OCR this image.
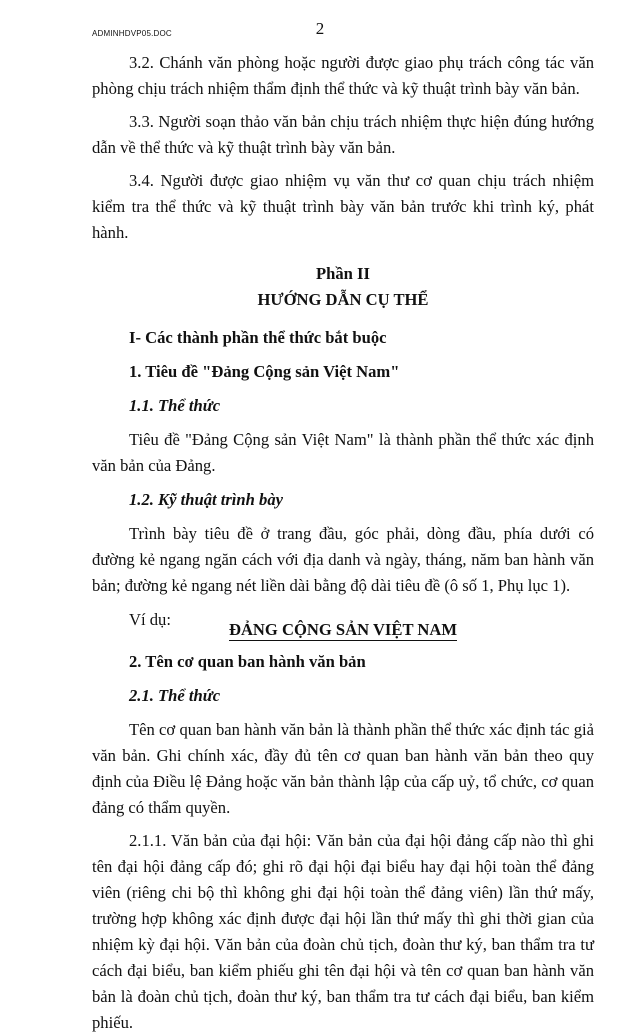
ADMINHDVP05.DOC	2

3.2. Chánh văn phòng hoặc người được giao phụ trách công tác văn phòng chịu trách nhiệm thẩm định thể thức và kỹ thuật trình bày văn bản.

3.3. Người soạn thảo văn bản chịu trách nhiệm thực hiện đúng hướng dẫn về thể thức và kỹ thuật trình bày văn bản.

3.4. Người được giao nhiệm vụ văn thư cơ quan chịu trách nhiệm kiểm tra thể thức và kỹ thuật trình bày văn bản trước khi trình ký, phát hành.

Phần II

HƯỚNG DẪN CỤ THỂ

I- Các thành phần thể thức bắt buộc

1. Tiêu đề "Đảng Cộng sản Việt Nam"

1.1. Thể thức

Tiêu đề "Đảng Cộng sản Việt Nam" là thành phần thể thức xác định văn bản của Đảng.

1.2. Kỹ thuật trình bày

Trình bày tiêu đề ở trang đầu, góc phải, dòng đầu, phía dưới có đường kẻ ngang ngăn cách với địa danh và ngày, tháng, năm ban hành văn bản; đường kẻ ngang nét liền dài bằng độ dài tiêu đề (ô số 1, Phụ lục 1).

Ví dụ:
ĐẢNG CỘNG SẢN VIỆT NAM

2. Tên cơ quan ban hành văn bản

2.1. Thể thức

Tên cơ quan ban hành văn bản là thành phần thể thức xác định tác giả văn bản. Ghi chính xác, đầy đủ tên cơ quan ban hành văn bản theo quy định của Điều lệ Đảng hoặc văn bản thành lập của cấp uỷ, tổ chức, cơ quan đảng có thẩm quyền.

2.1.1. Văn bản của đại hội: Văn bản của đại hội đảng cấp nào thì ghi tên đại hội đảng cấp đó; ghi rõ đại hội đại biểu hay đại hội toàn thể đảng viên (riêng chi bộ thì không ghi đại hội toàn thể đảng viên) lần thứ mấy, trường hợp không xác định được đại hội lần thứ mấy thì ghi thời gian của nhiệm kỳ đại hội. Văn bản của đoàn chủ tịch, đoàn thư ký, ban thẩm tra tư cách đại biểu, ban kiểm phiếu ghi tên đại hội và tên cơ quan ban hành văn bản là đoàn chủ tịch, đoàn thư ký, ban thẩm tra tư cách đại biểu, ban kiểm phiếu.
